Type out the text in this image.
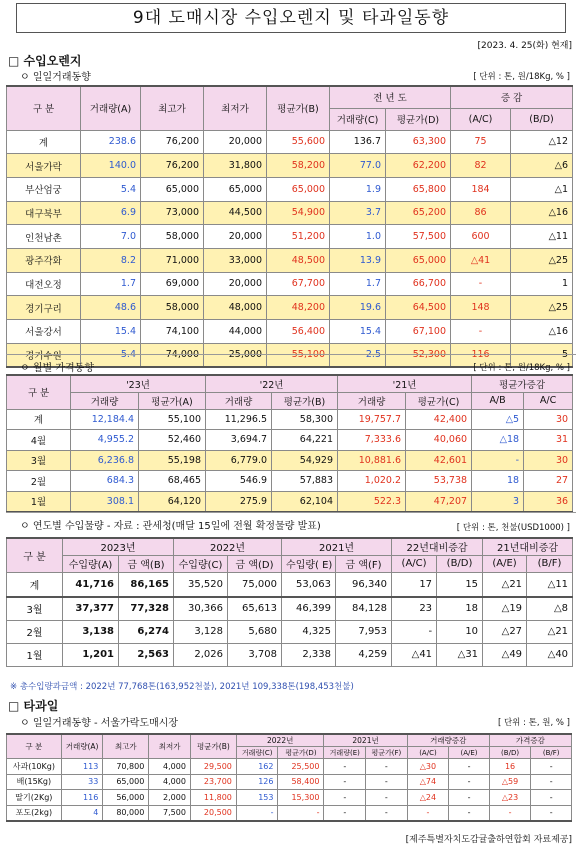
9대 도매시장 수입오렌지 및 타과일동향
[2023. 4. 25(화) 현재]
□ 수입오렌지
ㅇ 일일거래동향	[ 단위 : 톤, 원/18Kg, % ]
구 분	거래량(A)	최고가	최저가	평균가(B)	전 년 도		증 감	
					거래량(C)	평균가(D)	(A/C)	(B/D)
계	238.6	76,200	20,000	55,600	136.7	63,300	75	△12
서울가락	140.0	76,200	31,800	58,200	77.0	62,200	82	△6
부산엄궁	5.4	65,000	65,000	65,000	1.9	65,800	184	△1
대구북부	6.9	73,000	44,500	54,900	3.7	65,200	86	△16
인천남촌	7.0	58,000	20,000	51,200	1.0	57,500	600	△11
광주각화	8.2	71,000	33,000	48,500	13.9	65,000	△41	△25
대전오정	1.7	69,000	20,000	67,700	1.7	66,700	-	1
경기구리	48.6	58,000	48,000	48,200	19.6	64,500	148	△25
서울강서	15.4	74,100	44,000	56,400	15.4	67,100	-	△16
경기수원	5.4	74,000	25,000	55,100	2.5	52,300	116	5
ㅇ 월별 가격동향	[ 단위 : 톤, 원/18Kg, % ]
구 분	'23년		'22년		'21년		평균가증감	
	거래량	평균가(A)	거래량	평균가(B)	거래량	평균가(C)	A/B	A/C
계	12,184.4	55,100	11,296.5	58,300	19,757.7	42,400	△5	30
4월	4,955.2	52,460	3,694.7	64,221	7,333.6	40,060	△18	31
3월	6,236.8	55,198	6,779.0	54,929	10,881.6	42,601	-	30
2월	684.3	68,465	546.9	57,883	1,020.2	53,738	18	27
1월	308.1	64,120	275.9	62,104	522.3	47,207	3	36
ㅇ 연도별 수입물량 - 자료 : 관세청(매달 15일에 전월 확정물량 발표)	[ 단위 : 톤, 천불(USD1000) ]
구 분	2023년		2022년		2021년		22년대비증감		21년대비증감	
	수입량(A)	금 액(B)	수입량(C)	금 액(D)	수입량( E)	금 액(F)	(A/C)	(B/D)	(A/E)	(B/F)
계	41,716	86,165	35,520	75,000	53,063	96,340	17	15	△21	△11
3월	37,377	77,328	30,366	65,613	46,399	84,128	23	18	△19	△8
2월	3,138	6,274	3,128	5,680	4,325	7,953	-	10	△27	△21
1월	1,201	2,563	2,026	3,708	2,338	4,259	△41	△31	△49	△40
※ 총수입량과금액 : 2022년 77,768톤(163,952천불), 2021년 109,338톤(198,453천불)
□ 타과일
ㅇ 일일거래동향 - 서울가락도매시장	[ 단위 : 톤, 원, % ]
구 분	거래량(A)	최고가	최저가	평균가(B)	2022년		2021년		거래량증감		가격증감	
					거래량(C)	평균가(D)	거래량(E)	평균가(F)	(A/C)	(A/E)	(B/D)	(B/F)
사과(10Kg)	113	70,800	4,000	29,500	162	25,500	-	-	△30	-	16	-
배(15Kg)	33	65,000	4,000	23,700	126	58,400	-	-	△74	-	△59	-
딸기(2Kg)	116	56,000	2,000	11,800	153	15,300	-	-	△24	-	△23	-
포도(2kg)	4	80,000	7,500	20,500	-	-	-	-	-	-	-	-
[제주특별자치도감귤출하연합회 자료제공]
